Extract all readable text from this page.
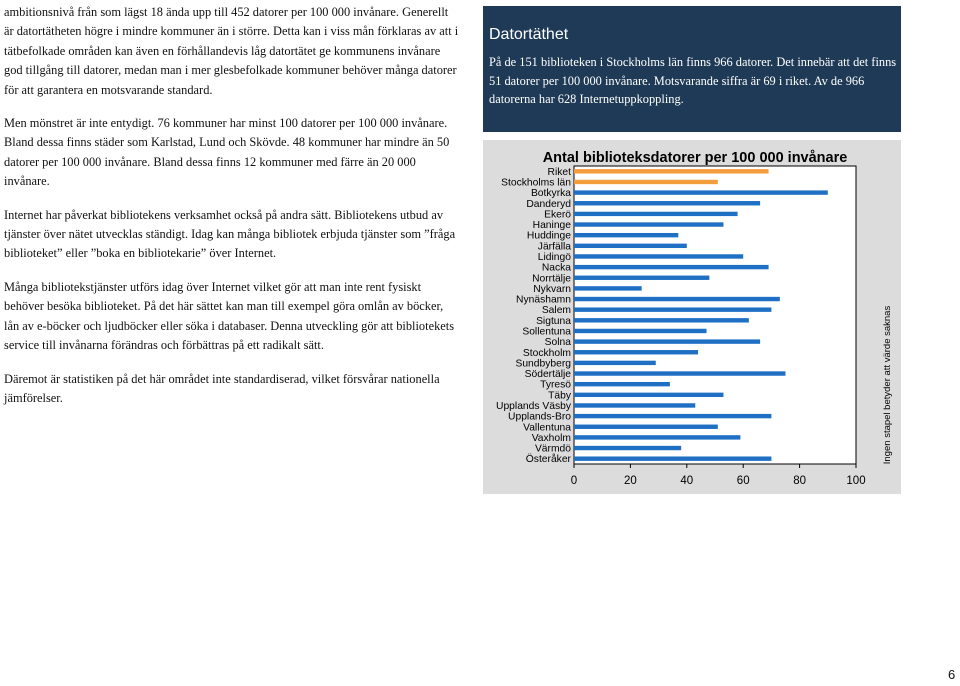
ambitionsnivå från som lägst 18 ända upp till 452 datorer per 100 000 invånare. Generellt är datortätheten högre i mindre kommuner än i större. Detta kan i viss mån förklaras av att i tätbefolkade områden kan även en förhållandevis låg datortätet ge kommunens invånare god tillgång till datorer, medan man i mer glesbefolkade kommuner behöver många datorer för att garantera en motsvarande standard.

Men mönstret är inte entydigt. 76 kommuner har minst 100 datorer per 100 000 invånare. Bland dessa finns städer som Karlstad, Lund och Skövde. 48 kommuner har mindre än 50 datorer per 100 000 invånare. Bland dessa finns 12 kommuner med färre än 20 000 invånare.

Internet har påverkat bibliotekens verksamhet också på andra sätt. Bibliotekens utbud av tjänster över nätet utvecklas ständigt. Idag kan många bibliotek erbjuda tjänster som ”fråga biblioteket” eller ”boka en bibliotekarie” över Internet.

Många bibliotekstjänster utförs idag över Internet vilket gör att man inte rent fysiskt behöver besöka biblioteket. På det här sättet kan man till exempel göra omlån av böcker, lån av e-böcker och ljudböcker eller söka i databaser. Denna utveckling gör att bibliotekets service till invånarna förändras och förbättras på ett radikalt sätt.

Däremot är statistiken på det här området inte standardiserad, vilket försvårar nationella jämförelser.

Datortäthet
På de 151 biblioteken i Stockholms län finns 966 datorer. Det innebär att det finns 51 datorer per 100 000 invånare. Motsvarande siffra är 69 i riket. Av de 966 datorerna har 628 Internetuppkoppling.
Antal biblioteksdatorer per 100 000 invånare
Riket
Stockholms län
Botkyrka
Danderyd
Ekerö
Haninge
Huddinge
Järfälla
Lidingö
Nacka
Norrtälje
Nykvarn
Nynäshamn
Salem
Sigtuna
Sollentuna
Solna
Stockholm
Sundbyberg
Södertälje
Tyresö
Täby
Upplands Väsby
Upplands-Bro
Vallentuna
Vaxholm
Värmdö
Österåker
0	20	40	60	80	100
Ingen stapel betyder att värde saknas
6
